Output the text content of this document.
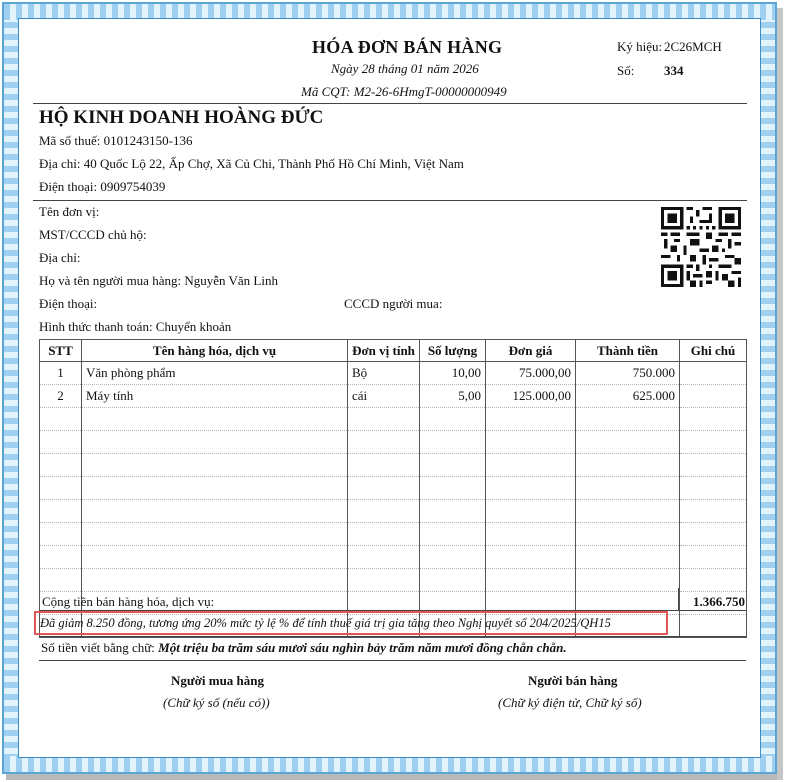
HÓA ĐƠN BÁN HÀNG
Ngày 28 tháng 01 năm 2026
Mã CQT: M2-26-6HmgT-00000000949
Ký hiệu: 2C26MCH
Số: 334
HỘ KINH DOANH HOÀNG ĐỨC
Mã số thuế: 0101243150-136
Địa chỉ: 40 Quốc Lộ 22, Ấp Chợ, Xã Củ Chi, Thành Phố Hồ Chí Minh, Việt Nam
Điện thoại: 0909754039
Tên đơn vị:
MST/CCCD chủ hộ:
Địa chỉ:
Họ và tên người mua hàng: Nguyễn Văn Linh
Điện thoại:	CCCD người mua:
Hình thức thanh toán: Chuyển khoản
STT	Tên hàng hóa, dịch vụ	Đơn vị tính	Số lượng	Đơn giá	Thành tiền	Ghi chú
1	Văn phòng phẩm	Bộ	10,00	75.000,00	750.000	
2	Máy tính	cái	5,00	125.000,00	625.000	

Cộng tiền bán hàng hóa, dịch vụ:	1.366.750
Đã giảm 8.250 đồng, tương ứng 20% mức tỷ lệ % để tính thuế giá trị gia tăng theo Nghị quyết số 204/2025/QH15
Số tiền viết bằng chữ: Một triệu ba trăm sáu mươi sáu nghìn bảy trăm năm mươi đồng chẵn chẵn.
Người mua hàng
(Chữ ký số (nếu có))
Người bán hàng
(Chữ ký điện tử, Chữ ký số)
